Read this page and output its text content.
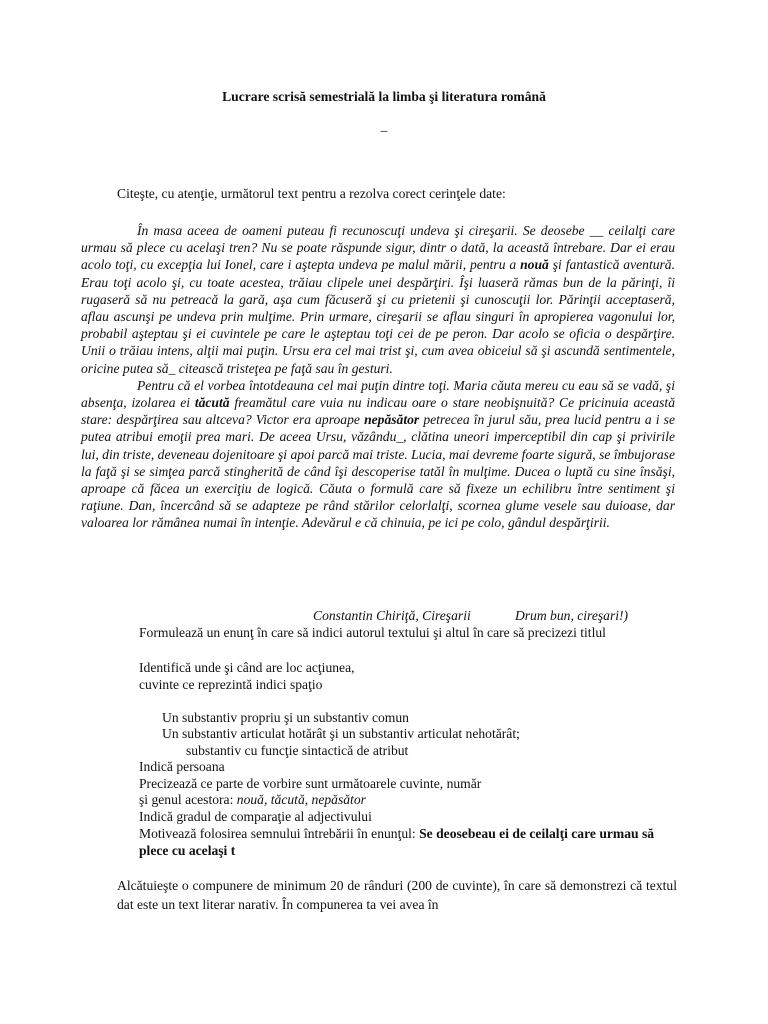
Lucrare scrisă semestrială la limba şi literatura română
_
Citeşte, cu atenţie, următorul text pentru a rezolva corect cerinţele date:

În masa aceea de oameni puteau fi recunoscuţi undeva şi cireşarii. Se deosebe __ ceilalţi care urmau să plece cu acelaşi tren? Nu se poate răspunde sigur, dintr o dată, la această întrebare. Dar ei erau acolo toţi, cu excepţia lui Ionel, care i aştepta undeva pe malul mării, pentru a nouă şi fantastică aventură. Erau toţi acolo şi, cu toate acestea, trăiau clipele unei despărţiri. Îşi luaseră rămas bun de la părinţi, îi rugaseră să nu petreacă la gară, aşa cum făcuseră şi cu prietenii şi cunoscuţii lor. Părinţii acceptaseră, aflau ascunşi pe undeva prin mulţime. Prin urmare, cireşarii se aflau singuri în apropierea vagonului lor, probabil aşteptau şi ei cuvintele pe care le aşteptau toţi cei de pe peron. Dar acolo se oficia o despărţire. Unii o trăiau intens, alţii mai puţin. Ursu era cel mai trist şi, cum avea obiceiul să şi ascundă sentimentele, oricine putea să_ citească tristeţea pe faţă sau în gesturi.

Pentru că el vorbea întotdeauna cel mai puţin dintre toţi. Maria căuta mereu cu eau să se vadă, şi absenţa, izolarea ei tăcută freamătul care vuia nu indicau oare o stare neobişnuită? Ce pricinuia această stare: despărţirea sau altceva? Victor era aproape nepăsător petrecea în jurul său, prea lucid pentru a i se putea atribui emoţii prea mari. De aceea Ursu, văzându_, clătina uneori imperceptibil din cap şi privirile lui, din triste, deveneau dojenitoare şi apoi parcă mai triste. Lucia, mai devreme foarte sigură, se îmbujorase la faţă şi se simţea parcă stingherită de când îşi descoperise tatăl în mulţime. Ducea o luptă cu sine însăşi, aproape că făcea un exerciţiu de logică. Căuta o formulă care să fixeze un echilibru între sentiment şi raţiune. Dan, încercând să se adapteze pe rând stărilor celorlalţi, scornea glume vesele sau duioase, dar valoarea lor rămânea numai în intenţie. Adevărul e că chinuia, pe ici pe colo, gândul despărţirii.

Constantin Chiriţă, Cireşarii	Drum bun, cireşari!)
Formulează un enunţ în care să indici autorul textului şi altul în care să precizezi titlul
Identifică unde şi când are loc acţiunea,
cuvinte ce reprezintă indici spaţio
Un substantiv propriu şi un substantiv comun
Un substantiv articulat hotărât şi un substantiv articulat nehotărât;
substantiv cu funcţie sintactică de atribut
Indică persoana
Precizează ce parte de vorbire sunt următoarele cuvinte, număr
şi genul acestora: nouă, tăcută, nepăsător
Indică gradul de comparaţie al adjectivului
Motivează folosirea semnului întrebării în enunţul: Se deosebeau ei de ceilalţi care urmau să plece cu acelaşi t
Alcătuieşte o compunere de minimum 20 de rânduri (200 de cuvinte), în care să demonstrezi că textul dat este un text literar narativ. În compunerea ta vei avea în
